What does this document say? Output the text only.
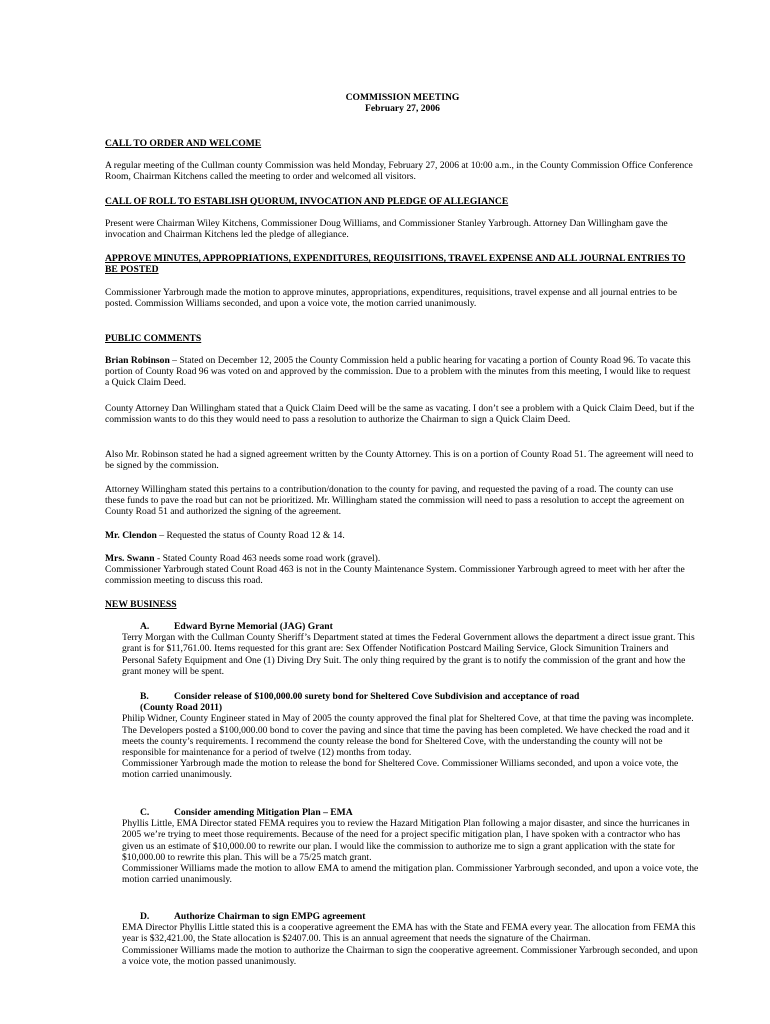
COMMISSION MEETING
February 27, 2006
CALL TO ORDER AND WELCOME
A regular meeting of the Cullman county Commission was held Monday, February 27, 2006 at 10:00 a.m., in the County Commission Office Conference Room, Chairman Kitchens called the meeting to order and welcomed all visitors.
CALL OF ROLL TO ESTABLISH QUORUM, INVOCATION AND PLEDGE OF ALLEGIANCE
Present were Chairman Wiley Kitchens, Commissioner Doug Williams, and Commissioner Stanley Yarbrough. Attorney Dan Willingham gave the invocation and Chairman Kitchens led the pledge of allegiance.
APPROVE MINUTES, APPROPRIATIONS, EXPENDITURES, REQUISITIONS, TRAVEL EXPENSE AND ALL JOURNAL ENTRIES TO BE POSTED
Commissioner Yarbrough made the motion to approve minutes, appropriations, expenditures, requisitions, travel expense and all journal entries to be posted. Commission Williams seconded, and upon a voice vote, the motion carried unanimously.
PUBLIC COMMENTS
Brian Robinson – Stated on December 12, 2005 the County Commission held a public hearing for vacating a portion of County Road 96. To vacate this portion of County Road 96 was voted on and approved by the commission. Due to a problem with the minutes from this meeting, I would like to request a Quick Claim Deed.
County Attorney Dan Willingham stated that a Quick Claim Deed will be the same as vacating. I don’t see a problem with a Quick Claim Deed, but if the commission wants to do this they would need to pass a resolution to authorize the Chairman to sign a Quick Claim Deed.
Also Mr. Robinson stated he had a signed agreement written by the County Attorney. This is on a portion of County Road 51. The agreement will need to be signed by the commission.
Attorney Willingham stated this pertains to a contribution/donation to the county for paving, and requested the paving of a road. The county can use these funds to pave the road but can not be prioritized. Mr. Willingham stated the commission will need to pass a resolution to accept the agreement on County Road 51 and authorized the signing of the agreement.
Mr. Clendon – Requested the status of County Road 12 & 14.

Mrs. Swann - Stated County Road 463 needs some road work (gravel).

Commissioner Yarbrough stated Count Road 463 is not in the County Maintenance System. Commissioner Yarbrough agreed to meet with her after the commission meeting to discuss this road.

NEW BUSINESS
A.	Edward Byrne Memorial (JAG) Grant

Terry Morgan with the Cullman County Sheriff’s Department stated at times the Federal Government allows the department a direct issue grant. This grant is for $11,761.00. Items requested for this grant are: Sex Offender Notification Postcard Mailing Service, Glock Simunition Trainers and Personal Safety Equipment and One (1) Diving Dry Suit. The only thing required by the grant is to notify the commission of the grant and how the grant money will be spent.

B.	Consider release of $100,000.00 surety bond for Sheltered Cove Subdivision and acceptance of road
(County Road 2011)

Philip Widner, County Engineer stated in May of 2005 the county approved the final plat for Sheltered Cove, at that time the paving was incomplete. The Developers posted a $100,000.00 bond to cover the paving and since that time the paving has been completed. We have checked the road and it meets the county’s requirements. I recommend the county release the bond for Sheltered Cove, with the understanding the county will not be responsible for maintenance for a period of twelve (12) months from today.

Commissioner Yarbrough made the motion to release the bond for Sheltered Cove. Commissioner Williams seconded, and upon a voice vote, the motion carried unanimously.

C.	Consider amending Mitigation Plan – EMA

Phyllis Little, EMA Director stated FEMA requires you to review the Hazard Mitigation Plan following a major disaster, and since the hurricanes in 2005 we’re trying to meet those requirements. Because of the need for a project specific mitigation plan, I have spoken with a contractor who has given us an estimate of $10,000.00 to rewrite our plan. I would like the commission to authorize me to sign a grant application with the state for $10,000.00 to rewrite this plan. This will be a 75/25 match grant.

Commissioner Williams made the motion to allow EMA to amend the mitigation plan. Commissioner Yarbrough seconded, and upon a voice vote, the motion carried unanimously.

D.	Authorize Chairman to sign EMPG agreement

EMA Director Phyllis Little stated this is a cooperative agreement the EMA has with the State and FEMA every year. The allocation from FEMA this year is $32,421.00, the State allocation is $2407.00. This is an annual agreement that needs the signature of the Chairman.

Commissioner Williams made the motion to authorize the Chairman to sign the cooperative agreement. Commissioner Yarbrough seconded, and upon a voice vote, the motion passed unanimously.
